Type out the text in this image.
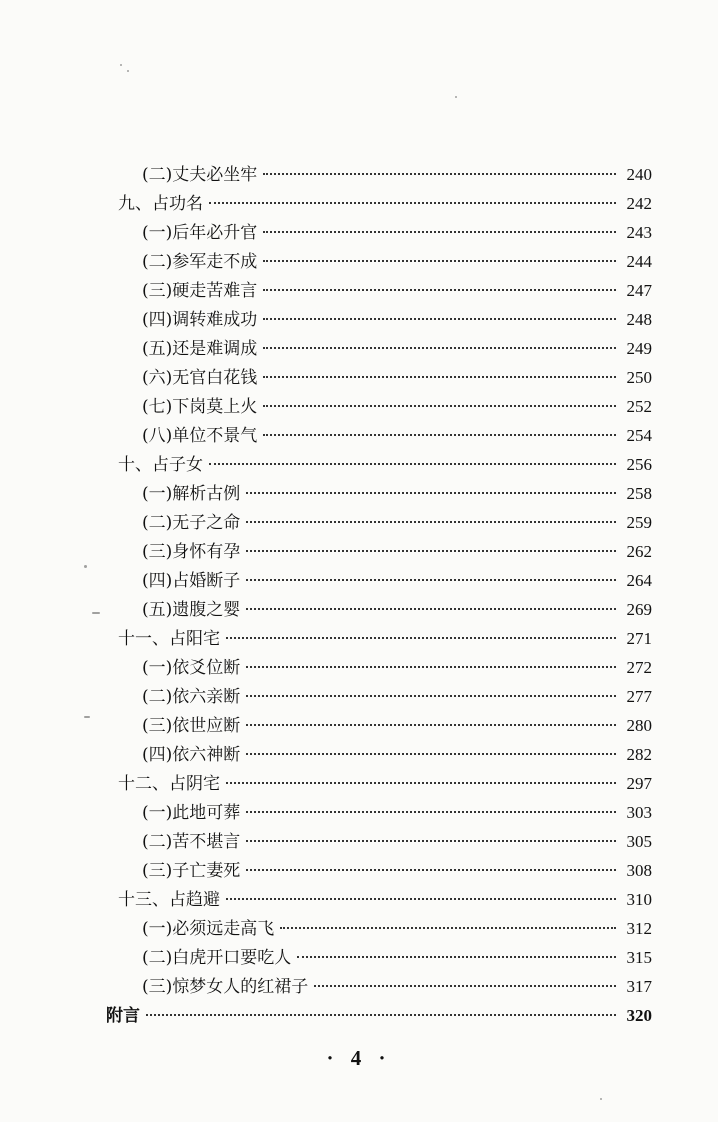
(二)丈夫必坐牢	240
九、占功名	242
(一)后年必升官	243
(二)参军走不成	244
(三)硬走苦难言	247
(四)调转难成功	248
(五)还是难调成	249
(六)无官白花钱	250
(七)下岗莫上火	252
(八)单位不景气	254
十、占子女	256
(一)解析古例	258
(二)无子之命	259
(三)身怀有孕	262
(四)占婚断子	264
(五)遗腹之婴	269
十一、占阳宅	271
(一)依爻位断	272
(二)依六亲断	277
(三)依世应断	280
(四)依六神断	282
十二、占阴宅	297
(一)此地可葬	303
(二)苦不堪言	305
(三)子亡妻死	308
十三、占趋避	310
(一)必须远走高飞	312
(二)白虎开口要吃人	315
(三)惊梦女人的红裙子	317
附言	320
· 4 ·
